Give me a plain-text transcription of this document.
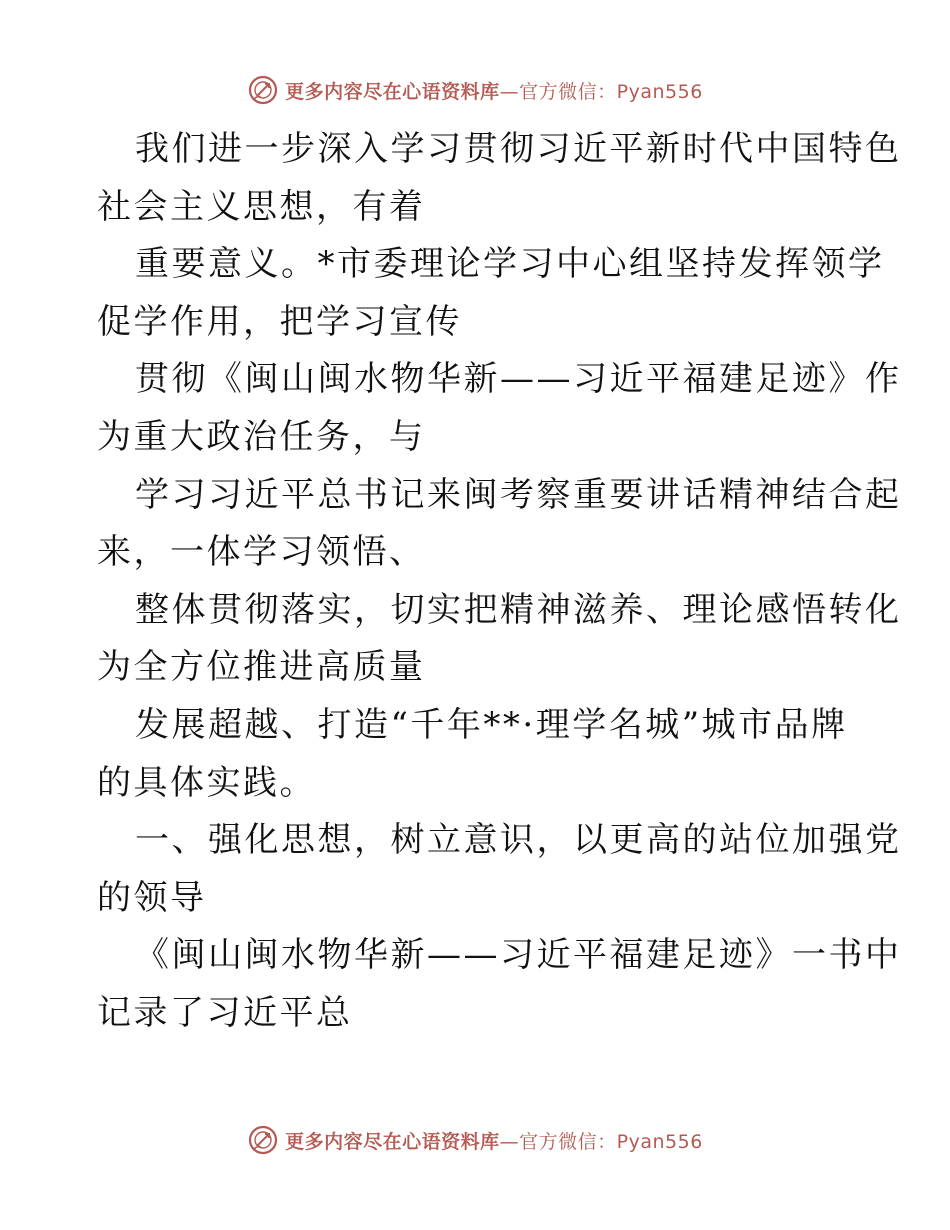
更多内容尽在心语资料库 —官方微信：Pyan556
我们进一步深入学习贯彻习近平新时代中国特色
社会主义思想，有着
重要意义。*市委理论学习中心组坚持发挥领学
促学作用，把学习宣传
贯彻《闽山闽水物华新——习近平福建足迹》作
为重大政治任务，与
学习习近平总书记来闽考察重要讲话精神结合起
来，一体学习领悟、
整体贯彻落实，切实把精神滋养、理论感悟转化
为全方位推进高质量
发展超越、打造“千年**·理学名城”城市品牌
的具体实践。
一、强化思想，树立意识，以更高的站位加强党
的领导
《闽山闽水物华新——习近平福建足迹》一书中
记录了习近平总
更多内容尽在心语资料库 —官方微信：Pyan556
